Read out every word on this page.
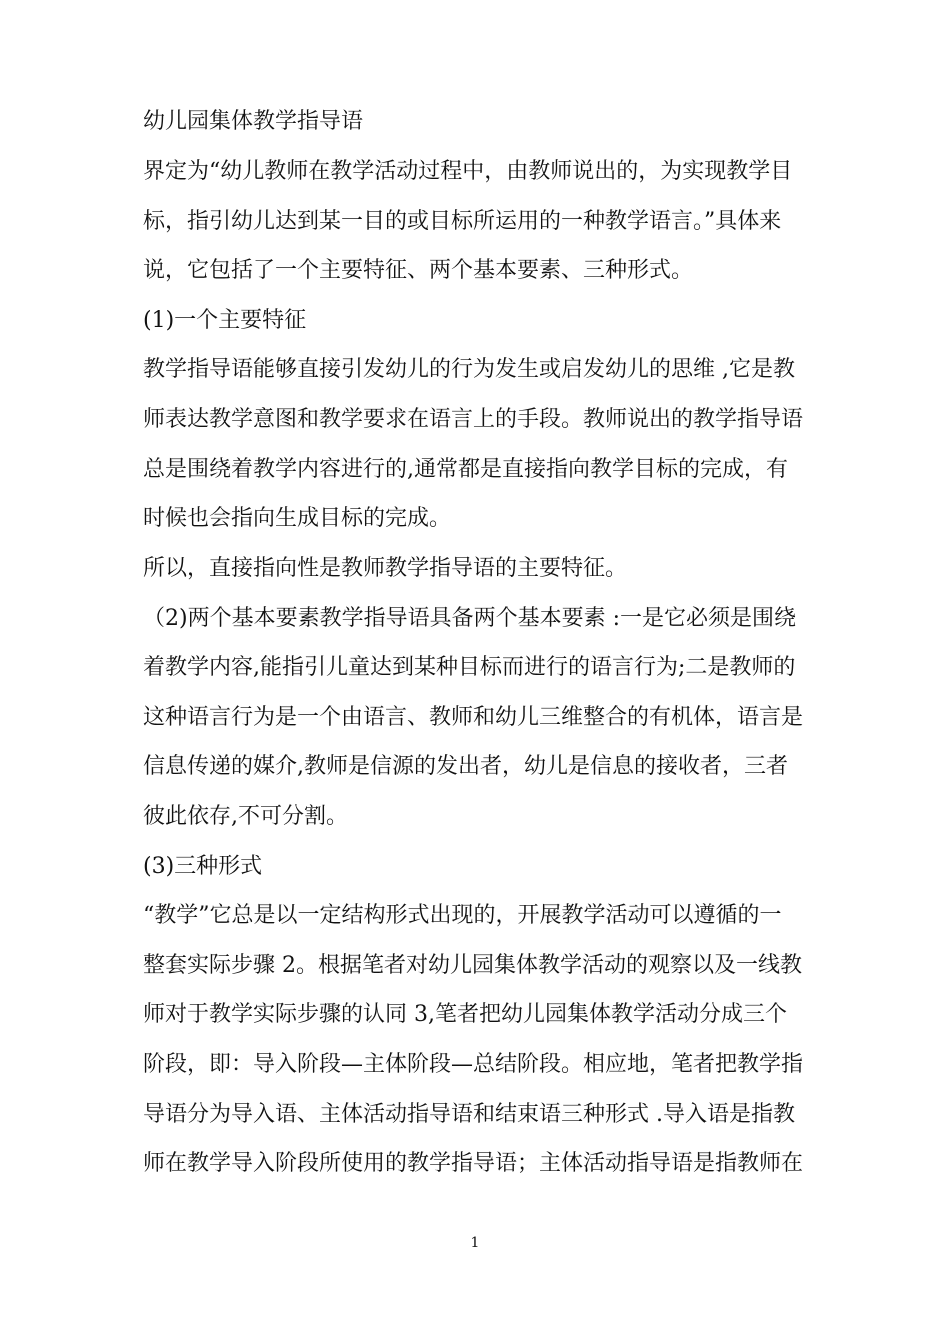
幼儿园集体教学指导语
界定为“幼儿教师在教学活动过程中，由教师说出的，为实现教学目
标，指引幼儿达到某一目的或目标所运用的一种教学语言。”具体来
说，它包括了一个主要特征、两个基本要素、三种形式。
(1)一个主要特征
教学指导语能够直接引发幼儿的行为发生或启发幼儿的思维 ,它是教
师表达教学意图和教学要求在语言上的手段。教师说出的教学指导语
总是围绕着教学内容进行的,通常都是直接指向教学目标的完成，有
时候也会指向生成目标的完成。
所以，直接指向性是教师教学指导语的主要特征。
（2)两个基本要素教学指导语具备两个基本要素 :一是它必须是围绕
着教学内容,能指引儿童达到某种目标而进行的语言行为;二是教师的
这种语言行为是一个由语言、教师和幼儿三维整合的有机体，语言是
信息传递的媒介,教师是信源的发出者，幼儿是信息的接收者，三者
彼此依存,不可分割。
(3)三种形式
“教学”它总是以一定结构形式出现的，开展教学活动可以遵循的一
整套实际步骤 2。根据笔者对幼儿园集体教学活动的观察以及一线教
师对于教学实际步骤的认同 3,笔者把幼儿园集体教学活动分成三个
阶段，即：导入阶段—主体阶段—总结阶段。相应地，笔者把教学指
导语分为导入语、主体活动指导语和结束语三种形式 .导入语是指教
师在教学导入阶段所使用的教学指导语；主体活动指导语是指教师在
1
